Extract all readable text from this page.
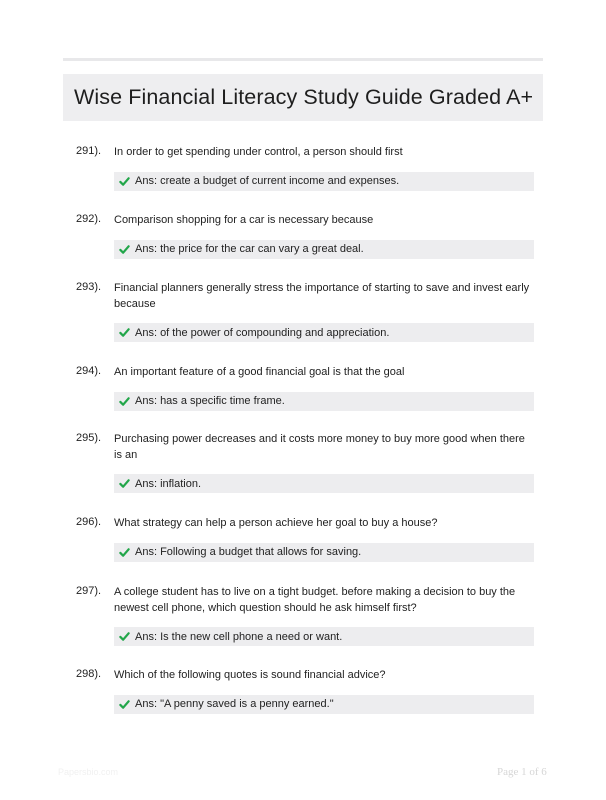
Wise Financial Literacy Study Guide Graded A+
291). In order to get spending under control, a person should first
Ans: create a budget of current income and expenses.
292). Comparison shopping for a car is necessary because
Ans: the price for the car can vary a great deal.
293). Financial planners generally stress the importance of starting to save and invest early because
Ans: of the power of compounding and appreciation.
294). An important feature of a good financial goal is that the goal
Ans: has a specific time frame.
295). Purchasing power decreases and it costs more money to buy more good when there is an
Ans: inflation.
296). What strategy can help a person achieve her goal to buy a house?
Ans: Following a budget that allows for saving.
297). A college student has to live on a tight budget. before making a decision to buy the newest cell phone, which question should he ask himself first?
Ans: Is the new cell phone a need or want.
298). Which of the following quotes is sound financial advice?
Ans: "A penny saved is a penny earned."
Papersbio.com	Page 1 of 6
